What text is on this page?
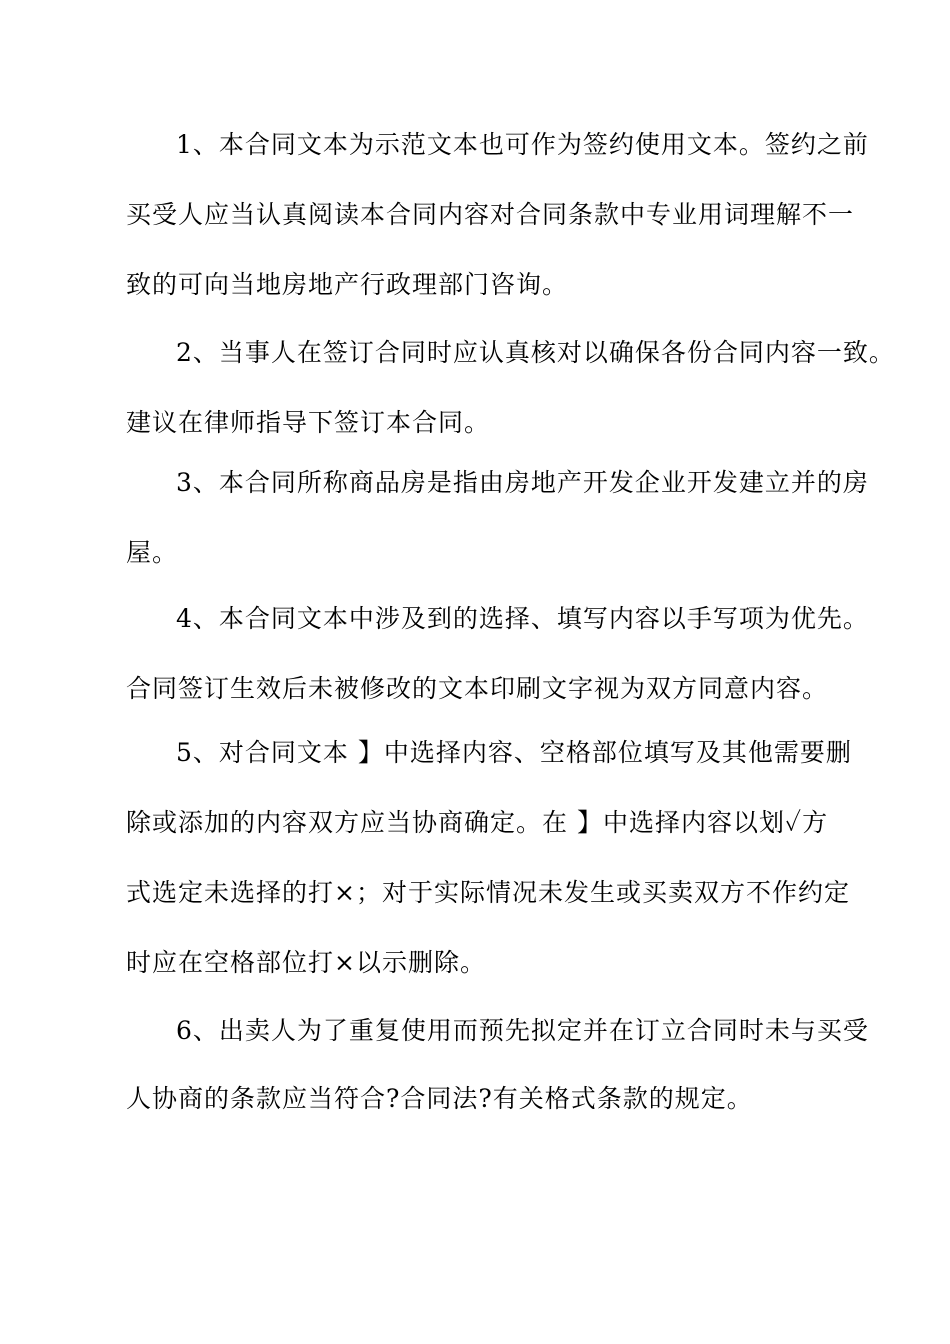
1、本合同文本为示范文本也可作为签约使用文本。签约之前
买受人应当认真阅读本合同内容对合同条款中专业用词理解不一
致的可向当地房地产行政理部门咨询。
2、当事人在签订合同时应认真核对以确保各份合同内容一致。
建议在律师指导下签订本合同。
3、本合同所称商品房是指由房地产开发企业开发建立并的房
屋。
4、本合同文本中涉及到的选择、填写内容以手写项为优先。
合同签订生效后未被修改的文本印刷文字视为双方同意内容。
5、对合同文本 】中选择内容、空格部位填写及其他需要删
除或添加的内容双方应当协商确定。在 】中选择内容以划✓方
式选定未选择的打×；对于实际情况未发生或买卖双方不作约定
时应在空格部位打×以示删除。
6、出卖人为了重复使用而预先拟定并在订立合同时未与买受
人协商的条款应当符合?合同法?有关格式条款的规定。
